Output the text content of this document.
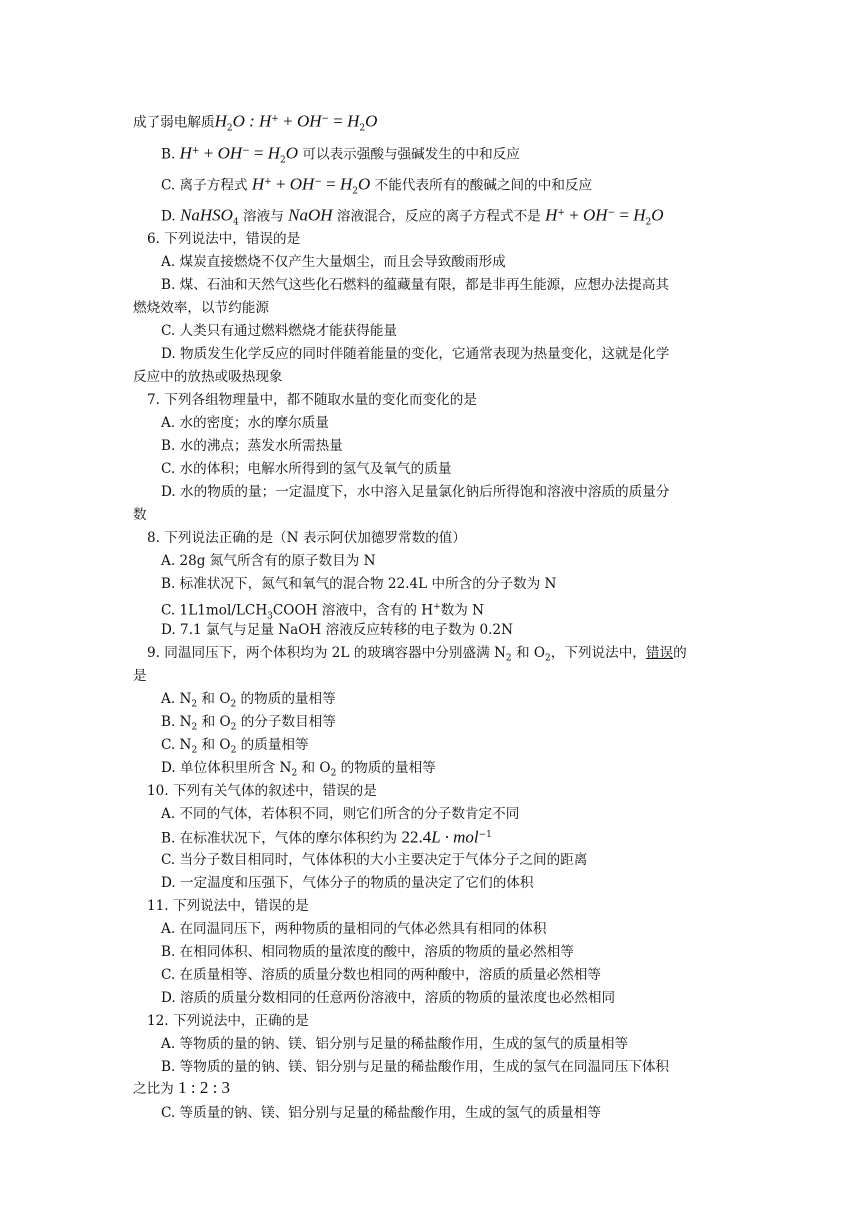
成了弱电解质$H_2O$ : $H^+ + OH^- = H_2O$
B. $H^+ + OH^- = H_2O$ 可以表示强酸与强碱发生的中和反应
C. 离子方程式 $H^+ + OH^- = H_2O$ 不能代表所有的酸碱之间的中和反应
D. NaHSO$_4$ 溶液与 NaOH 溶液混合，反应的离子方程式不是 $H^+ + OH^- = H_2O$
6. 下列说法中，错误的是
A. 煤炭直接燃烧不仅产生大量烟尘，而且会导致酸雨形成
B. 煤、石油和天然气这些化石燃料的蕴藏量有限，都是非再生能源，应想办法提高其
燃烧效率，以节约能源
C. 人类只有通过燃料燃烧才能获得能量
D. 物质发生化学反应的同时伴随着能量的变化，它通常表现为热量变化，这就是化学
反应中的放热或吸热现象
7. 下列各组物理量中，都不随取水量的变化而变化的是
A. 水的密度；水的摩尔质量
B. 水的沸点；蒸发水所需热量
C. 水的体积；电解水所得到的氢气及氧气的质量
D. 水的物质的量；一定温度下，水中溶入足量氯化钠后所得饱和溶液中溶质的质量分
数
8. 下列说法正确的是（N 表示阿伏加德罗常数的值）
A. 28g 氮气所含有的原子数目为 N
B. 标准状况下，氮气和氧气的混合物 22.4L 中所含的分子数为 N
C. $1L1mol/LCH_3COOH$ 溶液中，含有的 H+数为 N
D. 7.1 氯气与足量 NaOH 溶液反应转移的电子数为 0.2N
9. 同温同压下，两个体积均为 2L 的玻璃容器中分别盛满 $N_2$ 和 $O_2$，下列说法中，错误的
是
A. $N_2$ 和 $O_2$ 的物质的量相等
B. $N_2$ 和 $O_2$ 的分子数目相等
C. $N_2$ 和 $O_2$ 的质量相等
D. 单位体积里所含 $N_2$ 和 $O_2$ 的物质的量相等
10. 下列有关气体的叙述中，错误的是
A. 不同的气体，若体积不同，则它们所含的分子数肯定不同
B. 在标准状况下，气体的摩尔体积约为 22.4L · mol$^{-1}$
C. 当分子数目相同时，气体体积的大小主要决定于气体分子之间的距离
D. 一定温度和压强下，气体分子的物质的量决定了它们的体积
11. 下列说法中，错误的是
A. 在同温同压下，两种物质的量相同的气体必然具有相同的体积
B. 在相同体积、相同物质的量浓度的酸中，溶质的物质的量必然相等
C. 在质量相等、溶质的质量分数也相同的两种酸中，溶质的质量必然相等
D. 溶质的质量分数相同的任意两份溶液中，溶质的物质的量浓度也必然相同
12. 下列说法中，正确的是
A. 等物质的量的钠、镁、铝分别与足量的稀盐酸作用，生成的氢气的质量相等
B. 等物质的量的钠、镁、铝分别与足量的稀盐酸作用，生成的氢气在同温同压下体积
之比为 1 : 2 : 3
C. 等质量的钠、镁、铝分别与足量的稀盐酸作用，生成的氢气的质量相等
